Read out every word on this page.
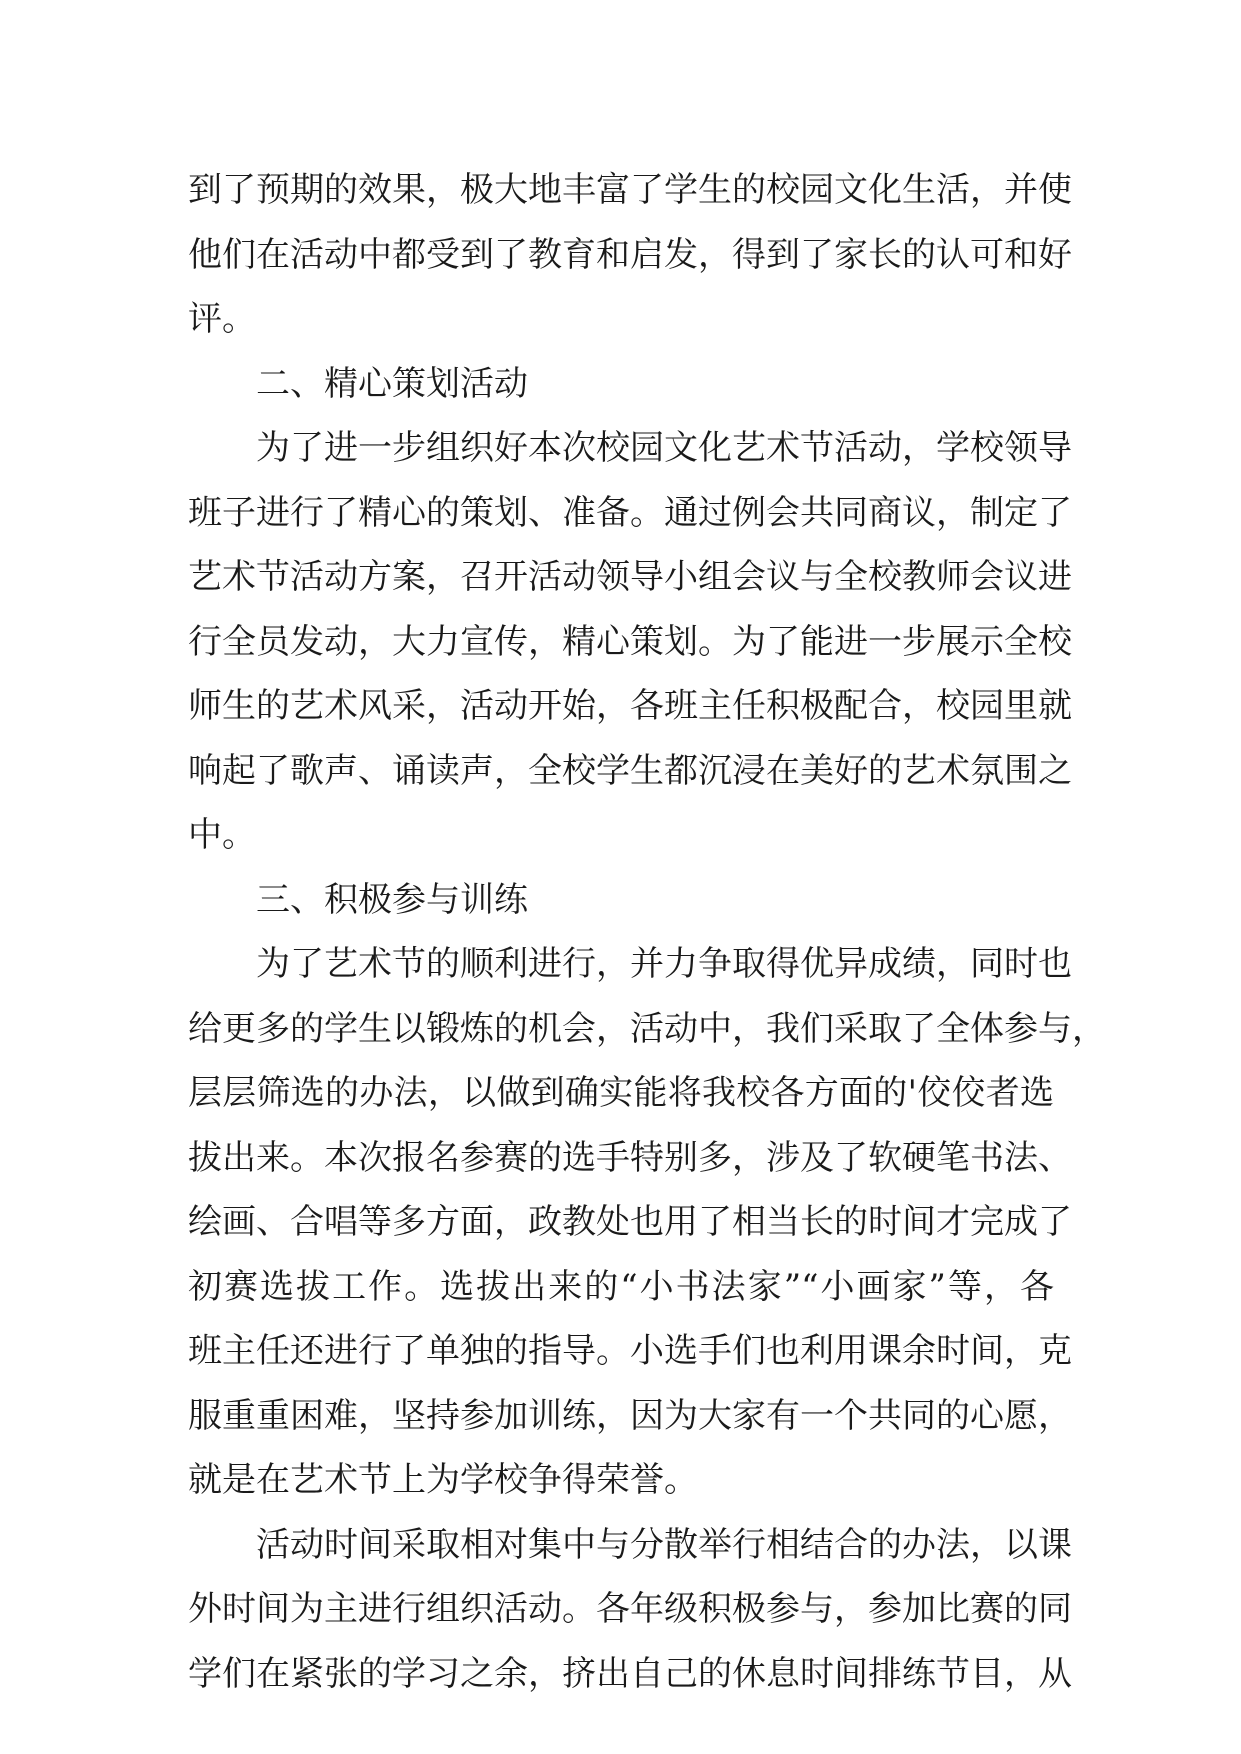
到了预期的效果，极大地丰富了学生的校园文化生活，并使
他们在活动中都受到了教育和启发，得到了家长的认可和好
评。
二、精心策划活动
为了进一步组织好本次校园文化艺术节活动，学校领导
班子进行了精心的策划、准备。通过例会共同商议，制定了
艺术节活动方案，召开活动领导小组会议与全校教师会议进
行全员发动，大力宣传，精心策划。为了能进一步展示全校
师生的艺术风采，活动开始，各班主任积极配合，校园里就
响起了歌声、诵读声，全校学生都沉浸在美好的艺术氛围之
中。
三、积极参与训练
为了艺术节的顺利进行，并力争取得优异成绩，同时也
给更多的学生以锻炼的机会，活动中，我们采取了全体参与，
层层筛选的办法，以做到确实能将我校各方面的'佼佼者选
拔出来。本次报名参赛的选手特别多，涉及了软硬笔书法、
绘画、合唱等多方面，政教处也用了相当长的时间才完成了
初赛选拔工作。选拔出来的“小书法家”“小画家”等，各
班主任还进行了单独的指导。小选手们也利用课余时间，克
服重重困难，坚持参加训练，因为大家有一个共同的心愿，
就是在艺术节上为学校争得荣誉。
活动时间采取相对集中与分散举行相结合的办法，以课
外时间为主进行组织活动。各年级积极参与，参加比赛的同
学们在紧张的学习之余，挤出自己的休息时间排练节目，从
